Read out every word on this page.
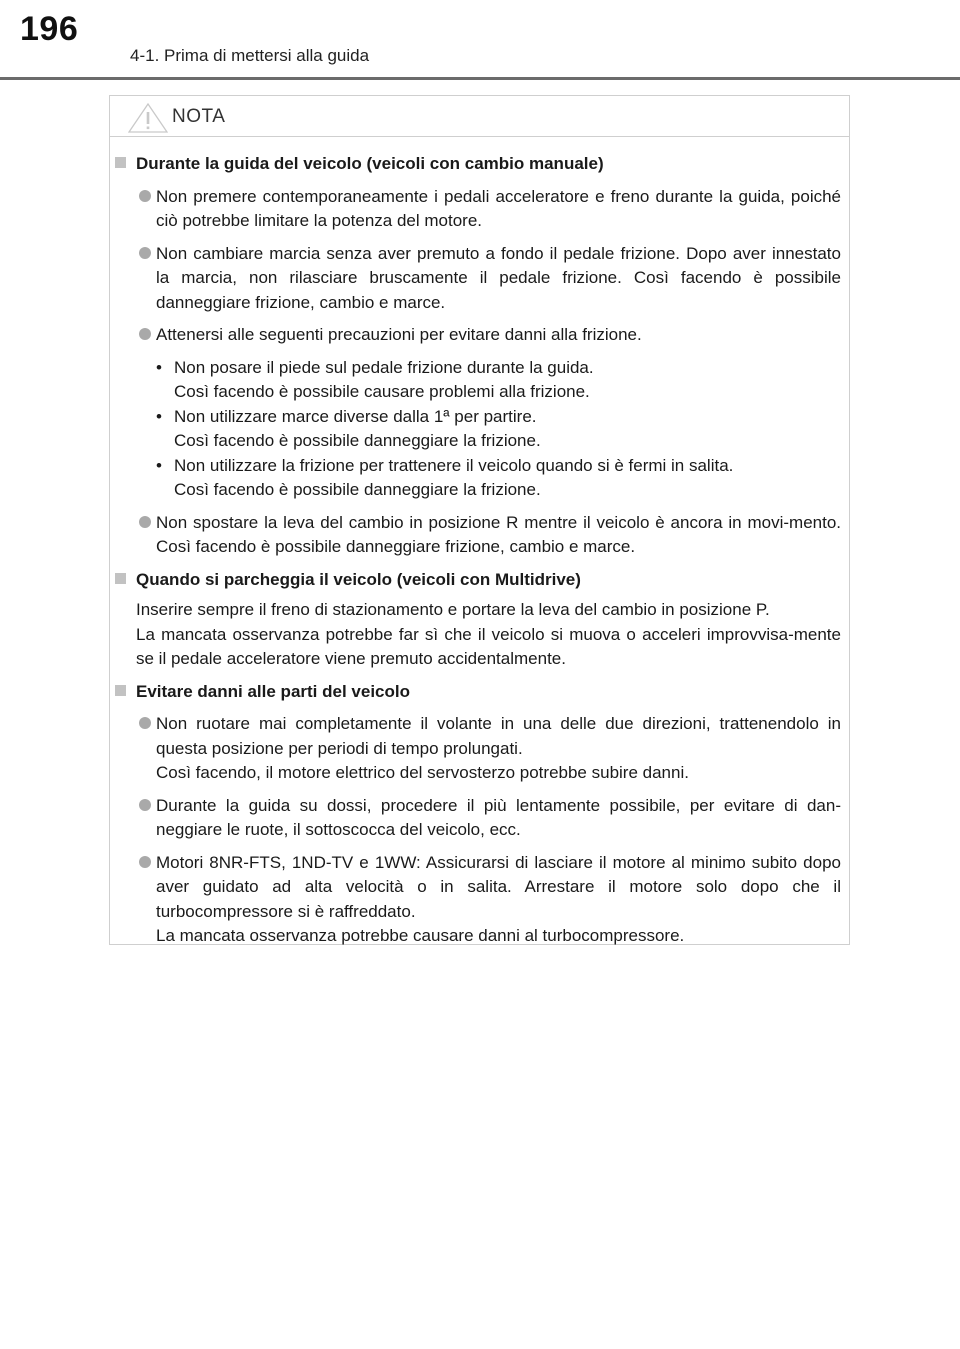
196
4-1. Prima di mettersi alla guida
NOTA
Durante la guida del veicolo (veicoli con cambio manuale)
Non premere contemporaneamente i pedali acceleratore e freno durante la guida, poiché ciò potrebbe limitare la potenza del motore.
Non cambiare marcia senza aver premuto a fondo il pedale frizione. Dopo aver innestato la marcia, non rilasciare bruscamente il pedale frizione. Così facendo è possibile danneggiare frizione, cambio e marce.
Attenersi alle seguenti precauzioni per evitare danni alla frizione.
• Non posare il piede sul pedale frizione durante la guida.
Così facendo è possibile causare problemi alla frizione.
• Non utilizzare marce diverse dalla 1ª per partire.
Così facendo è possibile danneggiare la frizione.
• Non utilizzare la frizione per trattenere il veicolo quando si è fermi in salita.
Così facendo è possibile danneggiare la frizione.
Non spostare la leva del cambio in posizione R mentre il veicolo è ancora in movi-mento. Così facendo è possibile danneggiare frizione, cambio e marce.
Quando si parcheggia il veicolo (veicoli con Multidrive)
Inserire sempre il freno di stazionamento e portare la leva del cambio in posizione P.
La mancata osservanza potrebbe far sì che il veicolo si muova o acceleri improvvisa-mente se il pedale acceleratore viene premuto accidentalmente.
Evitare danni alle parti del veicolo
Non ruotare mai completamente il volante in una delle due direzioni, trattenendolo in questa posizione per periodi di tempo prolungati.
Così facendo, il motore elettrico del servosterzo potrebbe subire danni.
Durante la guida su dossi, procedere il più lentamente possibile, per evitare di dan-neggiare le ruote, il sottoscocca del veicolo, ecc.
Motori 8NR-FTS, 1ND-TV e 1WW: Assicurarsi di lasciare il motore al minimo subito dopo aver guidato ad alta velocità o in salita. Arrestare il motore solo dopo che il turbocompressore si è raffreddato.
La mancata osservanza potrebbe causare danni al turbocompressore.
